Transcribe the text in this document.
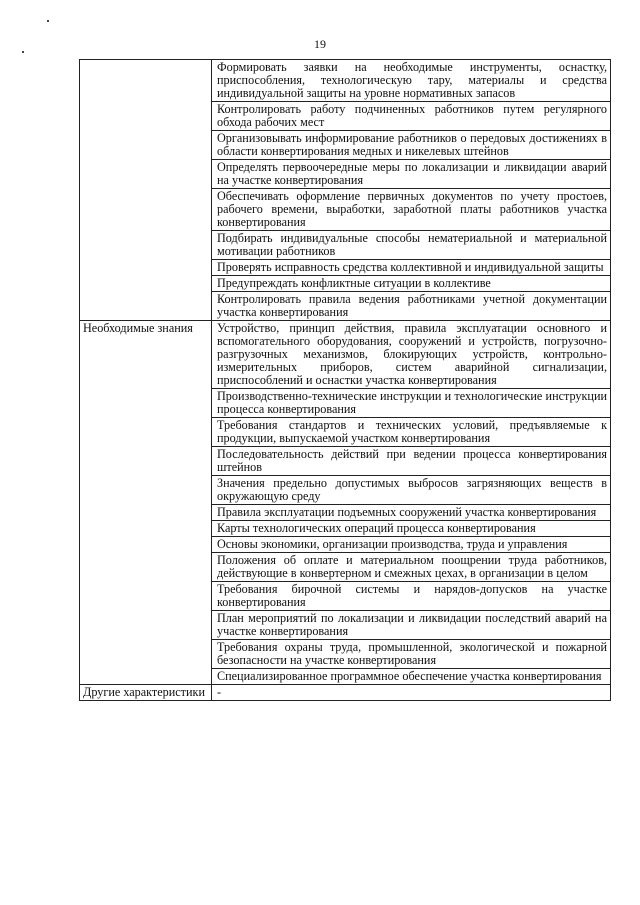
19
	Формировать заявки на необходимые инструменты, оснастку, приспособления, технологическую тару, материалы и средства индивидуальной защиты на уровне нормативных запасов
	Контролировать работу подчиненных работников путем регулярного обхода рабочих мест
	Организовывать информирование работников о передовых достижениях в области конвертирования медных и никелевых штейнов
	Определять первоочередные меры по локализации и ликвидации аварий на участке конвертирования
	Обеспечивать оформление первичных документов по учету простоев, рабочего времени, выработки, заработной платы работников участка конвертирования
	Подбирать индивидуальные способы нематериальной и материальной мотивации работников
	Проверять исправность средства коллективной и индивидуальной защиты
	Предупреждать конфликтные ситуации в коллективе
	Контролировать правила ведения работниками учетной документации участка конвертирования
Необходимые знания	Устройство, принцип действия, правила эксплуатации основного и вспомогательного оборудования, сооружений и устройств, погрузочно-разгрузочных механизмов, блокирующих устройств, контрольно-измерительных приборов, систем аварийной сигнализации, приспособлений и оснастки участка конвертирования
	Производственно-технические инструкции и технологические инструкции процесса конвертирования
	Требования стандартов и технических условий, предъявляемые к продукции, выпускаемой участком конвертирования
	Последовательность действий при ведении процесса конвертирования штейнов
	Значения предельно допустимых выбросов загрязняющих веществ в окружающую среду
	Правила эксплуатации подъемных сооружений участка конвертирования
	Карты технологических операций процесса конвертирования
	Основы экономики, организации производства, труда и управления
	Положения об оплате и материальном поощрении труда работников, действующие в конвертерном и смежных цехах, в организации в целом
	Требования бирочной системы и нарядов-допусков на участке конвертирования
	План мероприятий по локализации и ликвидации последствий аварий на участке конвертирования
	Требования охраны труда, промышленной, экологической и пожарной безопасности на участке конвертирования
	Специализированное программное обеспечение участка конвертирования
Другие характеристики	-
